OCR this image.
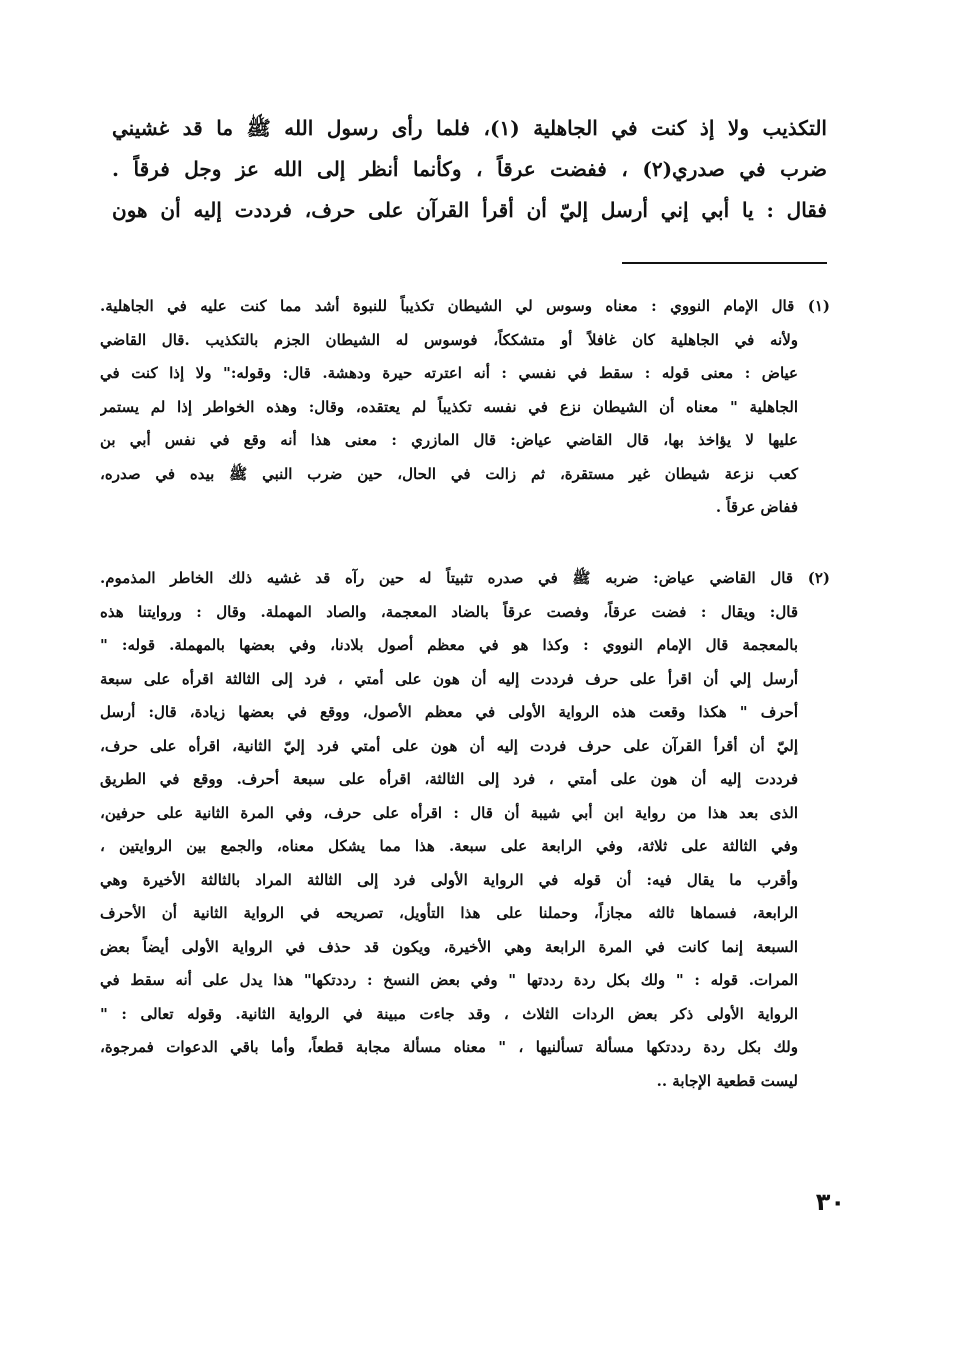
التكذيب ولا إذ كنت في الجاهلية (١)، فلما رأى رسول الله ﷺ ما قد غشيني
ضرب في صدري(٢) ، ففضت عرقاً ، وكأنما أنظر إلى الله عز وجل فرقاً .
فقال : يا أبي إني أرسل إليّ أن أقرأ القرآن على حرف، فرددت إليه أن هون
(١) قال الإمام النووي : معناه وسوس لي الشيطان تكذيباً للنبوة أشد مما كنت عليه في الجاهلية.
ولأنه في الجاهلية كان غافلاً أو متشككاً، فوسوس له الشيطان الجزم بالتكذيب .قال القاضي
عياض : معنى قوله : سقط في نفسي : أنه اعترته حيرة ودهشة. قال: وقوله:" ولا إذا كنت في
الجاهلية " معناه أن الشيطان نزع في نفسه تكذيباً لم يعتقده، وقال: وهذه الخواطر إذا لم يستمر
عليها لا يؤاخذ بها، قال القاضي عياض: قال المازري : معنى هذا أنه وقع في نفس أبي بن
كعب نزعة شيطان غير مستقرة، ثم زالت في الحال، حين ضرب النبي ﷺ بيده في صدره،
ففاض عرقاً .
(٢) قال القاضي عياض: ضربه ﷺ في صدره تثبيتاً له حين رآه قد غشيه ذلك الخاطر المذموم.
قال: ويقال : فضت عرقاً، وفصت عرقاً بالضاد المعجمة، والصاد المهملة. وقال : وروايتنا هذه
بالمعجمة قال الإمام النووي : وكذا هو في معظم أصول بلادنا، وفي بعضها بالمهملة. قوله: "
أرسل إلي أن اقرأ على حرف فرددت إليه أن هون على أمتي ، فرد إلى الثالثة اقرأه على سبعة
أحرف " هكذا وقعت هذه الرواية الأولى في معظم الأصول، ووقع في بعضها زيادة، قال: أرسل
إليّ أن أقرأ القرآن على حرف فردت إليه أن هون على أمتي فرد إليّ الثانية، اقرأه على حرف،
فرددت إليه أن هون على أمتي ، فرد إلى الثالثة، اقرأه على سبعة أحرف. ووقع في الطريق
الذى بعد هذا من رواية ابن أبي شيبة أن قال : اقرأه على حرف، وفي المرة الثانية على حرفين،
وفي الثالثة على ثلاثة، وفي الرابعة على سبعة. هذا مما يشكل معناه، والجمع بين الروايتين ،
وأقرب ما يقال فيه: أن قوله في الرواية الأولى فرد إلى الثالثة المراد بالثالثة الأخيرة وهي
الرابعة، فسماها ثالثه مجازاً، وحملنا على هذا التأويل، تصريحه في الرواية الثانية أن الأحرف
السبعة إنما كانت في المرة الرابعة وهي الأخيرة، ويكون قد حذف في الرواية الأولى أيضاً بعض
المرات. قوله : " ولك بكل ردة رددتها " وفي بعض النسخ : رددتكها" هذا يدل على أنه سقط في
الرواية الأولى ذكر بعض الردات الثلاث ، وقد جاءت مبينة في الرواية الثانية. وقوله تعالى : "
ولك بكل ردة رددتكها مسألة تسألنيها ، " معناه مسألة مجابة قطعاً، وأما باقي الدعوات فمرجوة،
ليست قطعية الإجابة ..
٣٠
